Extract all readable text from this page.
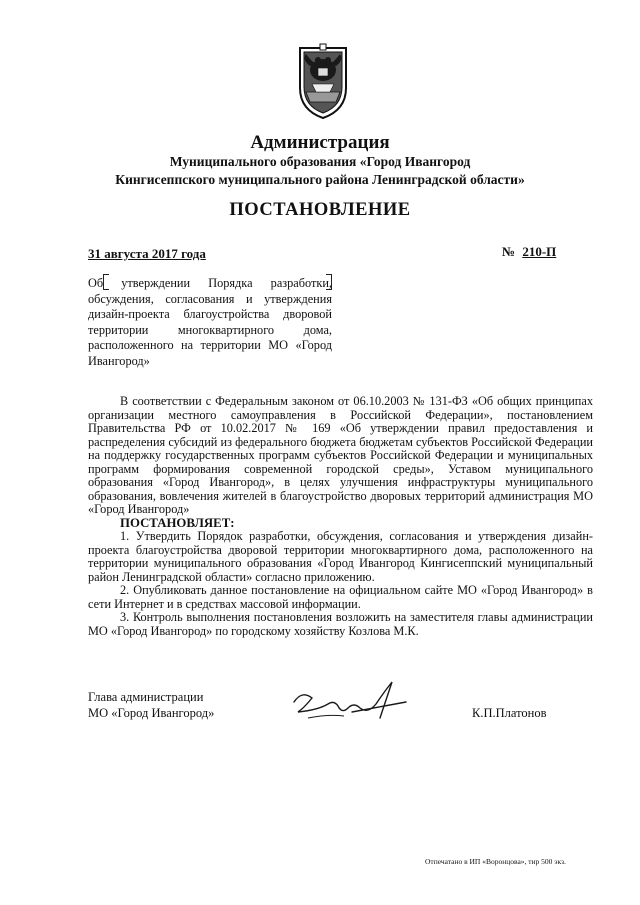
Администрация
Муниципального образования «Город Ивангород
Кингисеппского муниципального района Ленинградской области»
ПОСТАНОВЛЕНИЕ
31 августа 2017 года	№ 210-П
Об утверждении Порядка разработки, обсуждения, согласования и утверждения дизайн-проекта благоустройства дворовой территории многоквартирного дома, расположенного на территории МО «Город Ивангород»

В соответствии с Федеральным законом от 06.10.2003 № 131-ФЗ «Об общих принципах организации местного самоуправления в Российской Федерации», постановлением Правительства РФ от 10.02.2017 № 169 «Об утверждении правил предоставления и распределения субсидий из федерального бюджета бюджетам субъектов Российской Федерации на поддержку государственных программ субъектов Российской Федерации и муниципальных программ формирования современной городской среды», Уставом муниципального образования «Город Ивангород», в целях улучшения инфраструктуры муниципального образования, вовлечения жителей в благоустройство дворовых территорий администрация МО «Город Ивангород»

ПОСТАНОВЛЯЕТ:

1. Утвердить Порядок разработки, обсуждения, согласования и утверждения дизайн-проекта благоустройства дворовой территории многоквартирного дома, расположенного на территории муниципального образования «Город Ивангород Кингисеппский муниципальный район Ленинградской области» согласно приложению.

2. Опубликовать данное постановление на официальном сайте МО «Город Ивангород» в сети Интернет и в средствах массовой информации.

3. Контроль выполнения постановления возложить на заместителя главы администрации МО «Город Ивангород» по городскому хозяйству Козлова М.К.

Глава администрации
МО «Город Ивангород»	К.П.Платонов
Отпечатано в ИП «Воронцова», тир 500 экз.
